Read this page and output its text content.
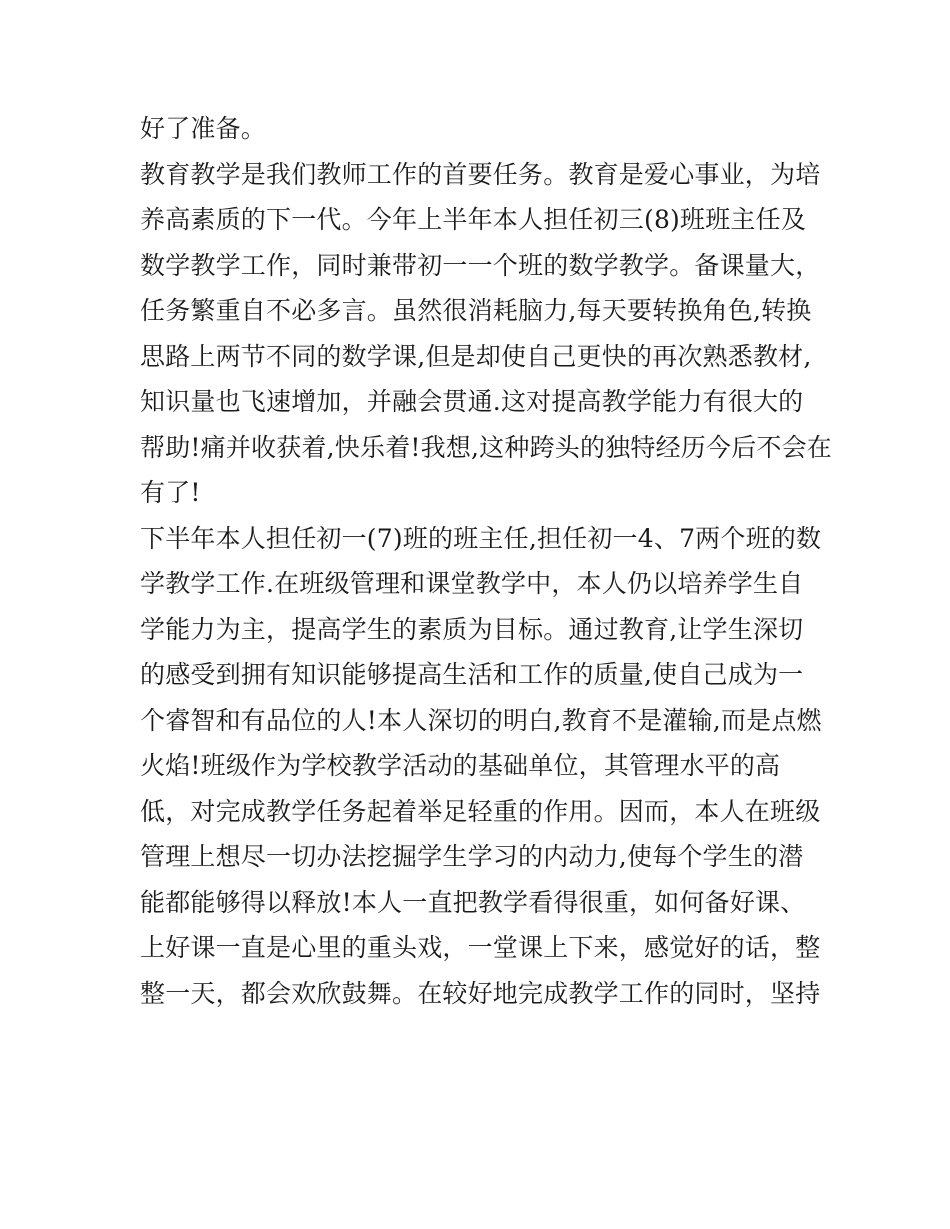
好了准备。
教育教学是我们教师工作的首要任务。教育是爱心事业，为培
养高素质的下一代。今年上半年本人担任初三(8)班班主任及
数学教学工作，同时兼带初一一个班的数学教学。备课量大，
任务繁重自不必多言。虽然很消耗脑力,每天要转换角色,转换
思路上两节不同的数学课,但是却使自己更快的再次熟悉教材,
知识量也飞速增加，并融会贯通.这对提高教学能力有很大的
帮助!痛并收获着,快乐着!我想,这种跨头的独特经历今后不会在
有了!
下半年本人担任初一(7)班的班主任,担任初一4、7两个班的数
学教学工作.在班级管理和课堂教学中，本人仍以培养学生自
学能力为主，提高学生的素质为目标。通过教育,让学生深切
的感受到拥有知识能够提高生活和工作的质量,使自己成为一
个睿智和有品位的人!本人深切的明白,教育不是灌输,而是点燃
火焰!班级作为学校教学活动的基础单位，其管理水平的高
低，对完成教学任务起着举足轻重的作用。因而，本人在班级
管理上想尽一切办法挖掘学生学习的内动力,使每个学生的潜
能都能够得以释放!本人一直把教学看得很重，如何备好课、
上好课一直是心里的重头戏，一堂课上下来，感觉好的话，整
整一天，都会欢欣鼓舞。在较好地完成教学工作的同时，坚持
